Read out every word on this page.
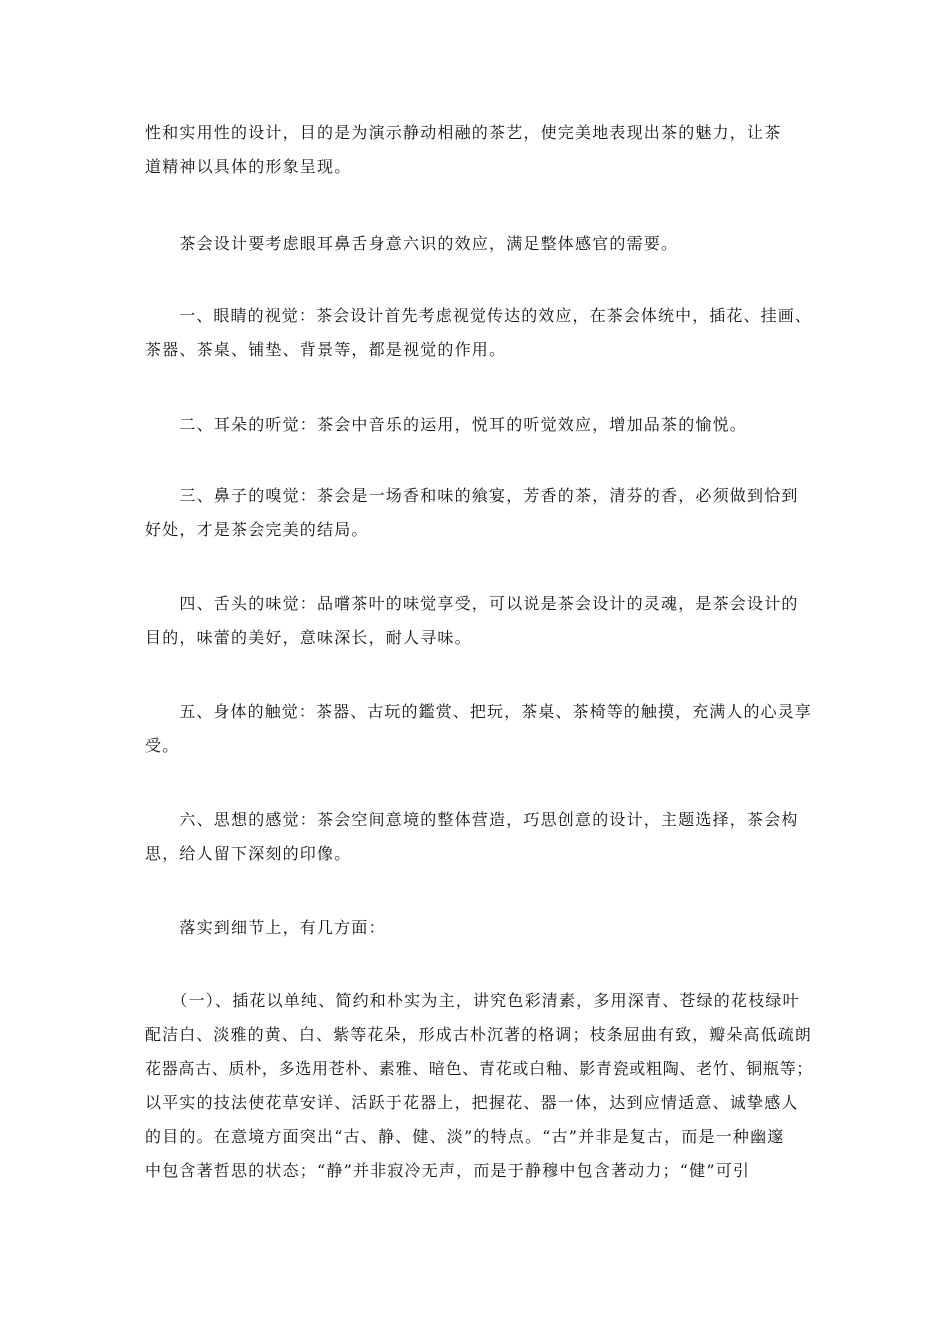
性和实用性的设计，目的是为演示静动相融的茶艺，使完美地表现出茶的魅力，让茶
道精神以具体的形象呈现。
　　茶会设计要考虑眼耳鼻舌身意六识的效应，满足整体感官的需要。
　　一、眼睛的视觉：茶会设计首先考虑视觉传达的效应，在茶会体统中，插花、挂画、
茶器、茶桌、铺垫、背景等，都是视觉的作用。
　　二、耳朵的听觉：茶会中音乐的运用，悦耳的听觉效应，增加品茶的愉悦。
　　三、鼻子的嗅觉：茶会是一场香和味的飨宴，芳香的茶，清芬的香，必须做到恰到
好处，才是茶会完美的结局。
　　四、舌头的味觉：品嚐茶叶的味觉享受，可以说是茶会设计的灵魂，是茶会设计的
目的，味蕾的美好，意味深长，耐人寻味。
　　五、身体的触觉：茶器、古玩的鑑赏、把玩，茶桌、茶椅等的触摸，充满人的心灵享
受。
　　六、思想的感觉：茶会空间意境的整体营造，巧思创意的设计，主题选择，茶会构
思，给人留下深刻的印像。
　　落实到细节上，有几方面：
　　（一）、插花以单纯、简约和朴实为主，讲究色彩清素，多用深青、苍绿的花枝绿叶
配洁白、淡雅的黄、白、紫等花朵，形成古朴沉著的格调；枝条屈曲有致，瓣朵高低疏朗
花器高古、质朴，多选用苍朴、素雅、暗色、青花或白釉、影青瓷或粗陶、老竹、铜瓶等；
以平实的技法使花草安详、活跃于花器上，把握花、器一体，达到应情适意、诚挚感人
的目的。在意境方面突出“古、静、健、淡”的特点。“古”并非是复古，而是一种幽邃
中包含著哲思的状态；“静”并非寂冷无声，而是于静穆中包含著动力；“健”可引
